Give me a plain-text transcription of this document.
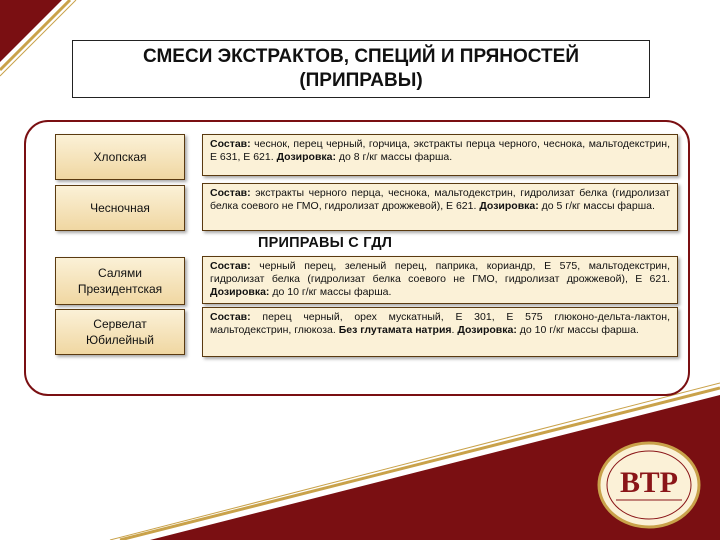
СМЕСИ ЭКСТРАКТОВ, СПЕЦИЙ И ПРЯНОСТЕЙ
(ПРИПРАВЫ)
Хлопская
Состав: чеснок, перец черный, горчица, экстракты перца черного, чеснока, мальтодекстрин, Е 631, Е 621. Дозировка: до 8 г/кг массы фарша.
Чесночная
Состав: экстракты черного перца, чеснока, мальтодекстрин, гидролизат белка (гидролизат белка соевого не ГМО, гидролизат дрожжевой), Е 621. Дозировка: до 5 г/кг массы фарша.
ПРИПРАВЫ С ГДЛ
Салями
Президентская
Состав: черный перец, зеленый перец, паприка, кориандр, Е 575, мальтодекстрин, гидролизат белка (гидролизат белка соевого не ГМО, гидролизат дрожжевой), Е 621. Дозировка: до 10 г/кг массы фарша.
Сервелат
Юбилейный
Состав: перец черный, орех мускатный, Е 301, Е 575 глюконо-дельта-лактон, мальтодекстрин, глюкоза. Без глутамата натрия. Дозировка: до 10 г/кг массы фарша.
ВТР
